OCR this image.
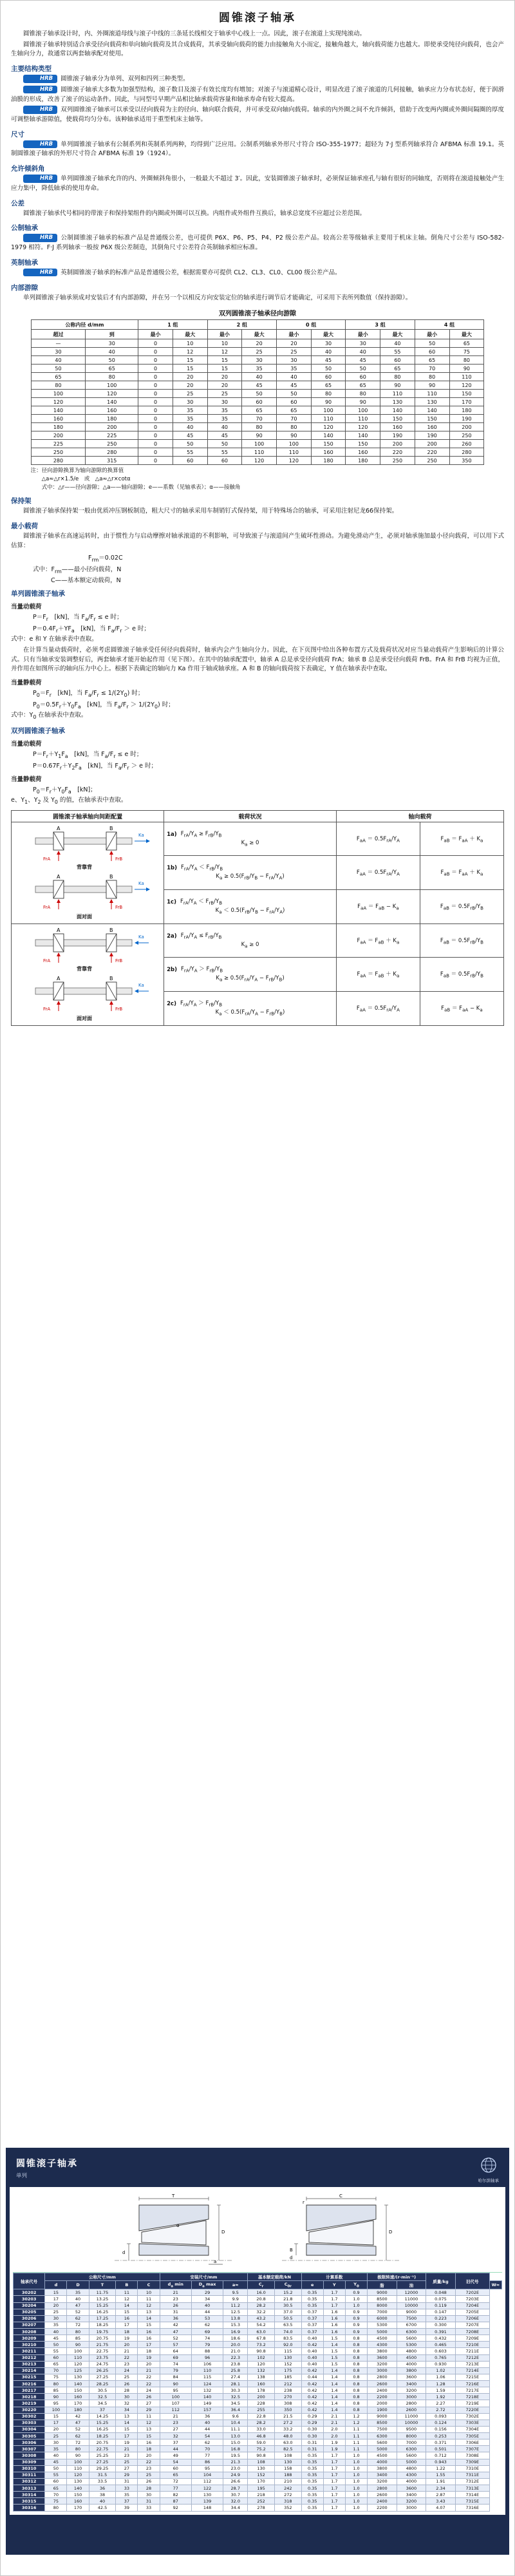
圆锥滚子轴承

圆锥滚子轴承设计时，内、外圈滚道母线与滚子中线的三条延长线相交于轴承中心线上一点。因此，滚子在滚道上实现纯滚动。

圆锥滚子轴承特别适合承受径向载荷和单向轴向载荷及其合成载荷，其承受轴向载荷的能力由接触角大小而定，接触角越大，轴向载荷能力也越大。即使承受纯径向载荷，也会产生轴向分力，故通常以两套轴承配对使用。

主要结构类型

HRB 圆锥滚子轴承分为单列、双列和四列三种类型。

HRB 圆锥滚子轴承大多数为加强型结构，滚子数目及滚子有效长度均有增加；对滚子与滚道精心设计，明显改进了滚子滚道的几何接触，轴承应力分布状态好，便于润滑油膜的形成，改善了滚子的运动条件。因此，与同型号早期产品相比轴承载荷容量和轴承寿命有较大提高。

HRB 双列圆锥滚子轴承可以承受以径向载荷为主的径向、轴向联合载荷，并可承受双向轴向载荷。轴承的内外圈之间不允许倾斜，借助于改变两内圈或外圈间隔圈的厚度可调整轴承游隙值，使载荷均匀分布。该种轴承适用于重型机床主轴等。

尺寸

HRB 单列圆锥滚子轴承有公制系列和英制系列两种，均得到广泛应用。公制系列轴承外形尺寸符合 ISO-355-1977；超轻为 7·J 型系列轴承符合 AFBMA 标准 19.1。英制圆锥滚子轴承的外形尺寸符合 AFBMA 标准 19（1924）。

允许倾斜角

HRB 单列圆锥滚子轴承允许的内、外圈倾斜角很小，一般最大不超过 3′。因此，安装圆锥滚子轴承时，必须保证轴承座孔与轴有很好的同轴度，否则将在滚道接触处产生应力集中，降低轴承的使用寿命。

公差

圆锥滚子轴承代号相同的带滚子和保持架组件的内圈或外圈可以互换。内组件或外组件互换后，轴承总宽度不应超过公差范围。

公制轴承

HRB 公制圆锥滚子轴承的标准产品是普通级公差，也可提供 P6X、P6、P5、P4、P2 级公差产品。较高公差等级轴承主要用于机床主轴。倒角尺寸公差与 ISO-582-1979 相符。F·J 系列轴承一般按 P6X 级公差制造，其倒角尺寸公差符合英制轴承相应标准。

英制轴承

HRB 英制圆锥滚子轴承的标准产品是普通级公差，根据需要亦可提供 CL2、CL3、CL0、CL00 级公差产品。

内部游隙

单列圆锥滚子轴承须成对安装后才有内部游隙，并在另一个以相反方向安装定位的轴承进行调节后才能确定，可采用下表所列数值（保持游隙）。

双列圆锥滚子轴承径向游隙
公称内径 d/mm		1 组		2 组		0 组		3 组		4 组	
超过	到	最小	最大	最小	最大	最小	最大	最小	最大	最小	最大
—	30	0	10	10	20	20	30	30	40	50	65
30	40	0	12	12	25	25	40	40	55	60	75
40	50	0	15	15	30	30	45	45	60	65	80
50	65	0	15	15	35	35	50	50	65	70	90
65	80	0	20	20	40	40	60	60	80	80	110
80	100	0	20	20	45	45	65	65	90	90	120
100	120	0	25	25	50	50	80	80	110	110	150
120	140	0	30	30	60	60	90	90	130	130	170
140	160	0	35	35	65	65	100	100	140	140	180
160	180	0	35	35	70	70	110	110	150	150	190
180	200	0	40	40	80	80	120	120	160	160	200
200	225	0	45	45	90	90	140	140	190	190	250
225	250	0	50	50	100	100	150	150	200	200	260
250	280	0	55	55	110	110	160	160	220	220	280
280	315	0	60	60	120	120	180	180	250	250	350
注：径向游隙换算为轴向游隙的换算值
△a≈△r×1.5/e　或　△a≈△r×cotα
式中：△r——径向游隙；△a——轴向游隙；e——系数（见轴承表）；α——接触角
保持架

圆锥滚子轴承保持架一般由优质冲压钢板制造，粗大尺寸的轴承采用车制销钉式保持架，用于特殊场合的轴承，可采用注射尼龙66保持架。

最小载荷

圆锥滚子轴承在高速运转时，由于惯性力与启动摩擦对轴承滚道的不利影响，可导致滚子与滚道间产生破坏性滑动。为避免滑动产生，必须对轴承施加最小径向载荷，可以用下式估算：

$F_{rm}=0.02C$
式中：$F_{rm}——$最小径向载荷，N
C——基本额定动载荷，N
单列圆锥滚子轴承
当量动载荷
$P=F_r$　[kN]，当 $F_a/F_r \le e$ 时；
$P=0.4F_r+YF_a$　[kN]，当 $F_a/F_r > e$ 时；

式中：e 和 Y 在轴承表中查取。

在计算当量动载荷时，必须考虑圆锥滚子轴承受任何径向载荷时，轴承内会产生轴向分力。因此，在下页图中给出各种布置方式及载荷状况对应当量动载荷产生影响后的计算公式。只有当轴承安装调整好后，两套轴承才能开始起作用（见下图）。在其中的轴承配置中，轴承 A 总是承受径向载荷 FrA；轴承 B 总是承受径向载荷 FrB。FrA 和 FrB 均视为正值，并作用在如图所示的轴向压力中心上。根据下表确定的轴向力 Ka 作用于轴或轴承座。A 和 B 的轴向载荷按下表确定，Y 值在轴承表中查取。

当量静载荷
$P_0=F_r$　[kN]，当 $F_a/F_r \le 1/(2Y_0)$ 时；
$P_0=0.5F_r+Y_0F_a$　[kN]，当 $F_a/F_r > 1/(2Y_0)$ 时；

式中：$Y_0$ 在轴承表中查取。

双列圆锥滚子轴承
当量动载荷
$P=F_r+Y_1F_a$　[kN]，当 $F_a/F_r \le e$ 时；
$P=0.67F_r+Y_2F_a$　[kN]，当 $F_a/F_r > e$ 时；
当量静载荷
$P_0=F_r+Y_0F_a$　[kN]；

e、$Y_1$、$Y_2$ 及 $Y_0$ 的值，在轴承表中查取。

圆锥滚子轴承轴向间距配置	载荷状况	轴向载荷	

A	B
FrA	FrB
Ka
背靠背
A	B
FrA	FrB
Ka
面对面

1a) $F_{rA}/Y_A \ge F_{rB}/Y_B$
$K_a \ge 0$
	$F_{aA} = 0.5F_{rA}/Y_A$	$F_{aB} = F_{aA} + K_a$

	1b) $F_{rA}/Y_A < F_{rB}/Y_B$
$K_a \ge 0.5(F_{rB}/Y_B - F_{rA}/Y_A)$	$F_{aA} = 0.5F_{rA}/Y_A$	$F_{aB} = F_{aA} + K_a$

	1c) $F_{rA}/Y_A < F_{rB}/Y_B$
$K_a < 0.5(F_{rB}/Y_B - F_{rA}/Y_A)$	$F_{aA} = F_{aB} - K_a$	$F_{aB} = 0.5F_{rB}/Y_B$

A	B
FrA	FrB
Ka
背靠背
A	B
FrA	FrB
Ka
面对面

2a) $F_{rA}/Y_A \le F_{rB}/Y_B$
$K_a \ge 0$
	$F_{aA} = F_{aB} + K_a$	$F_{aB} = 0.5F_{rB}/Y_B$

	2b) $F_{rA}/Y_A > F_{rB}/Y_B$
$K_a \ge 0.5(F_{rA}/Y_A - F_{rB}/Y_B)$	$F_{aA} = F_{aB} + K_a$	$F_{aB} = 0.5F_{rB}/Y_B$

	2c) $F_{rA}/Y_A > F_{rB}/Y_B$
$K_a < 0.5(F_{rA}/Y_A - F_{rB}/Y_B)$	$F_{aA} = 0.5F_{rA}/Y_A$	$F_{aB} = F_{aA} - K_a$
圆锥滚子轴承
单列
哈尔滨轴承
T
D
d
α
a
C
B
D
r
d
轴承代号	公称尺寸/mm					安装尺寸/mm			基本额定载荷/kN		计算系数			极限转速/(r·min⁻¹)		质量/kg	旧代号	
	d	D	T	B	C	$d_a$ min	$D_a$ max	a≈	$C_r$	$C_{0r}$	e	Y	$Y_0$	脂	油			W≈
30202	15	35	11.75	11	10	21	29	9.5	16.0	15.2	0.35	1.7	0.9	9000	12000	0.048	7202E	
30203	17	40	13.25	12	11	23	34	9.9	20.8	21.8	0.35	1.7	1.0	8500	11000	0.075	7203E	
30204	20	47	15.25	14	12	26	40	11.2	28.2	30.5	0.35	1.7	1.0	8000	10000	0.119	7204E	
30205	25	52	16.25	15	13	31	44	12.5	32.2	37.0	0.37	1.6	0.9	7000	9000	0.147	7205E	
30206	30	62	17.25	16	14	36	53	13.8	43.2	50.5	0.37	1.6	0.9	6000	7500	0.223	7206E	
30207	35	72	18.25	17	15	42	62	15.3	54.2	63.5	0.37	1.6	0.9	5300	6700	0.300	7207E	
30208	40	80	19.75	18	16	47	69	16.9	63.0	74.0	0.37	1.6	0.9	5000	6300	0.391	7208E	
30209	45	85	20.75	19	16	52	74	18.6	67.8	83.5	0.40	1.5	0.8	4500	5600	0.432	7209E	
30210	50	90	21.75	20	17	57	79	20.0	73.2	92.0	0.42	1.4	0.8	4300	5300	0.465	7210E	
30211	55	100	22.75	21	18	64	88	21.0	90.8	115	0.40	1.5	0.8	3800	4800	0.603	7211E	
30212	60	110	23.75	22	19	69	96	22.3	102	130	0.40	1.5	0.8	3600	4500	0.765	7212E	
30213	65	120	24.75	23	20	74	106	23.8	120	152	0.40	1.5	0.8	3200	4000	0.930	7213E	
30214	70	125	26.25	24	21	79	110	25.8	132	175	0.42	1.4	0.8	3000	3800	1.02	7214E	
30215	75	130	27.25	25	22	84	115	27.4	138	185	0.44	1.4	0.8	2800	3600	1.06	7215E	
30216	80	140	28.25	26	22	90	124	28.1	160	212	0.42	1.4	0.8	2600	3400	1.28	7216E	
30217	85	150	30.5	28	24	95	132	30.3	178	238	0.42	1.4	0.8	2400	3200	1.59	7217E	
30218	90	160	32.5	30	26	100	140	32.5	200	270	0.42	1.4	0.8	2200	3000	1.92	7218E	
30219	95	170	34.5	32	27	107	149	34.5	228	308	0.42	1.4	0.8	2000	2800	2.27	7219E	
30220	100	180	37	34	29	112	157	36.4	255	350	0.42	1.4	0.8	1900	2600	2.72	7220E	
30302	15	42	14.25	13	11	21	36	9.6	22.8	21.5	0.29	2.1	1.2	9000	11000	0.093	7302E	
30303	17	47	15.25	14	12	23	40	10.4	28.2	27.2	0.29	2.1	1.2	8500	10000	0.124	7303E	
30304	20	52	16.25	15	13	27	44	11.1	33.0	33.2	0.30	2.0	1.1	7500	9500	0.156	7304E	
30305	25	62	18.25	17	15	32	54	13.0	46.8	48.0	0.30	2.0	1.1	6300	8000	0.253	7305E	
30306	30	72	20.75	19	16	37	62	15.0	59.0	63.0	0.31	1.9	1.1	5600	7000	0.371	7306E	
30307	35	80	22.75	21	18	44	70	16.8	75.2	82.5	0.31	1.9	1.1	5000	6300	0.501	7307E	
30308	40	90	25.25	23	20	49	77	19.5	90.8	108	0.35	1.7	1.0	4500	5600	0.712	7308E	
30309	45	100	27.25	25	22	54	86	21.3	108	130	0.35	1.7	1.0	4000	5000	0.943	7309E	
30310	50	110	29.25	27	23	60	95	23.0	130	158	0.35	1.7	1.0	3800	4800	1.22	7310E	
30311	55	120	31.5	29	25	65	104	24.9	152	188	0.35	1.7	1.0	3400	4300	1.55	7311E	
30312	60	130	33.5	31	26	72	112	26.6	170	210	0.35	1.7	1.0	3200	4000	1.91	7312E	
30313	65	140	36	33	28	77	122	28.7	195	242	0.35	1.7	1.0	2800	3600	2.34	7313E	
30314	70	150	38	35	30	82	130	30.7	218	272	0.35	1.7	1.0	2600	3400	2.87	7314E	
30315	75	160	40	37	31	87	139	32.0	252	318	0.35	1.7	1.0	2400	3200	3.43	7315E	
30316	80	170	42.5	39	33	92	148	34.4	278	352	0.35	1.7	1.0	2200	3000	4.07	7316E	
